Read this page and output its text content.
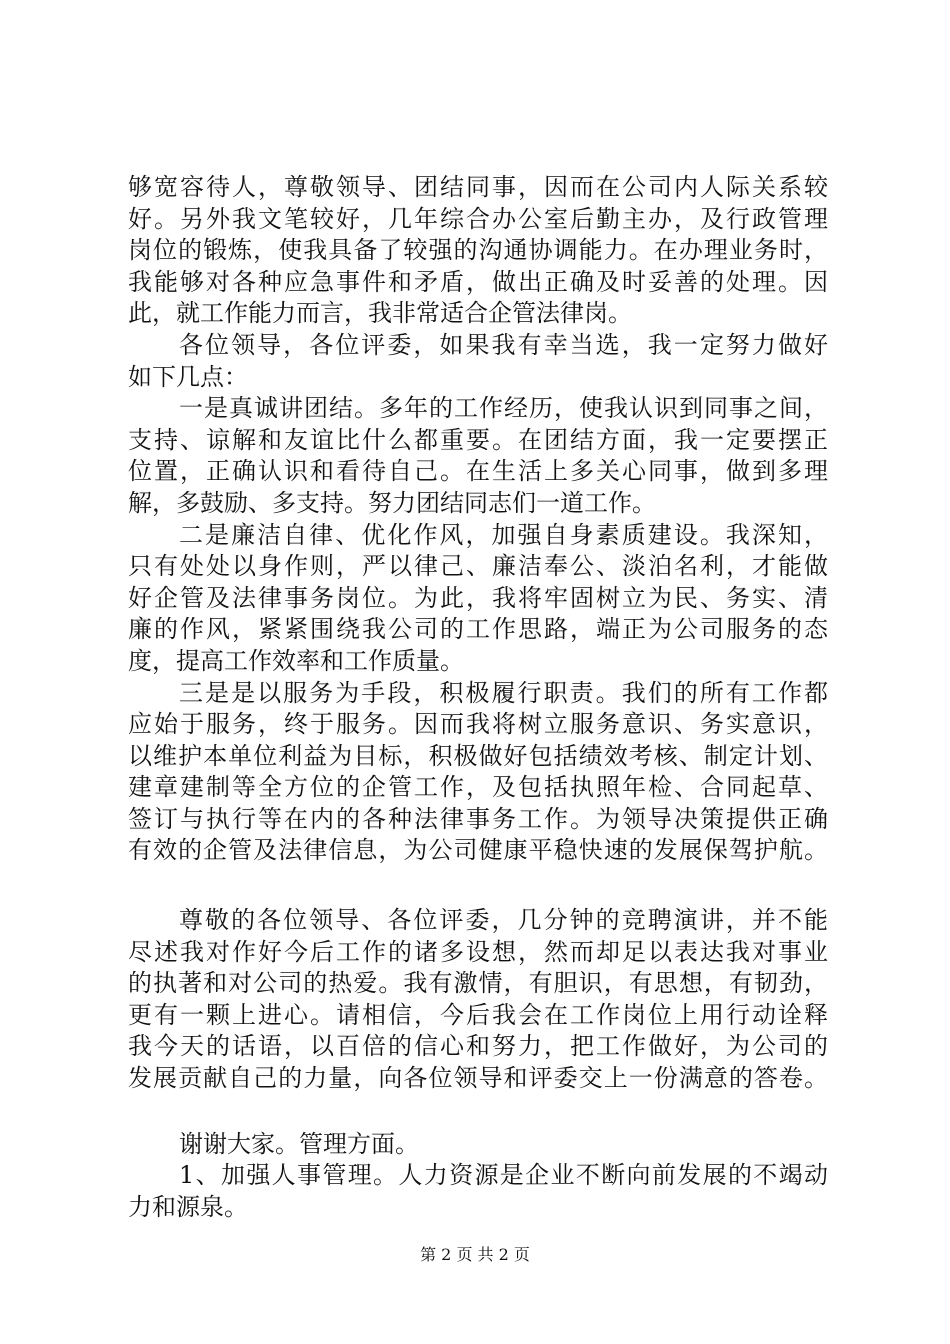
够宽容待人，尊敬领导、团结同事，因而在公司内人际关系较
好。另外我文笔较好，几年综合办公室后勤主办，及行政管理
岗位的锻炼，使我具备了较强的沟通协调能力。在办理业务时，
我能够对各种应急事件和矛盾，做出正确及时妥善的处理。因
此，就工作能力而言，我非常适合企管法律岗。
各位领导，各位评委，如果我有幸当选，我一定努力做好
如下几点：
一是真诚讲团结。多年的工作经历，使我认识到同事之间，
支持、谅解和友谊比什么都重要。在团结方面，我一定要摆正
位置，正确认识和看待自己。在生活上多关心同事，做到多理
解，多鼓励、多支持。努力团结同志们一道工作。
二是廉洁自律、优化作风，加强自身素质建设。我深知，
只有处处以身作则，严以律己、廉洁奉公、淡泊名利，才能做
好企管及法律事务岗位。为此，我将牢固树立为民、务实、清
廉的作风，紧紧围绕我公司的工作思路，端正为公司服务的态
度，提高工作效率和工作质量。
三是是以服务为手段，积极履行职责。我们的所有工作都
应始于服务，终于服务。因而我将树立服务意识、务实意识，
以维护本单位利益为目标，积极做好包括绩效考核、制定计划、
建章建制等全方位的企管工作，及包括执照年检、合同起草、
签订与执行等在内的各种法律事务工作。为领导决策提供正确
有效的企管及法律信息，为公司健康平稳快速的发展保驾护航。
尊敬的各位领导、各位评委，几分钟的竞聘演讲，并不能
尽述我对作好今后工作的诸多设想，然而却足以表达我对事业
的执著和对公司的热爱。我有激情，有胆识，有思想，有韧劲，
更有一颗上进心。请相信，今后我会在工作岗位上用行动诠释
我今天的话语，以百倍的信心和努力，把工作做好，为公司的
发展贡献自己的力量，向各位领导和评委交上一份满意的答卷。
谢谢大家。管理方面。
1、加强人事管理。人力资源是企业不断向前发展的不竭动
力和源泉。
第 2 页 共 2 页
